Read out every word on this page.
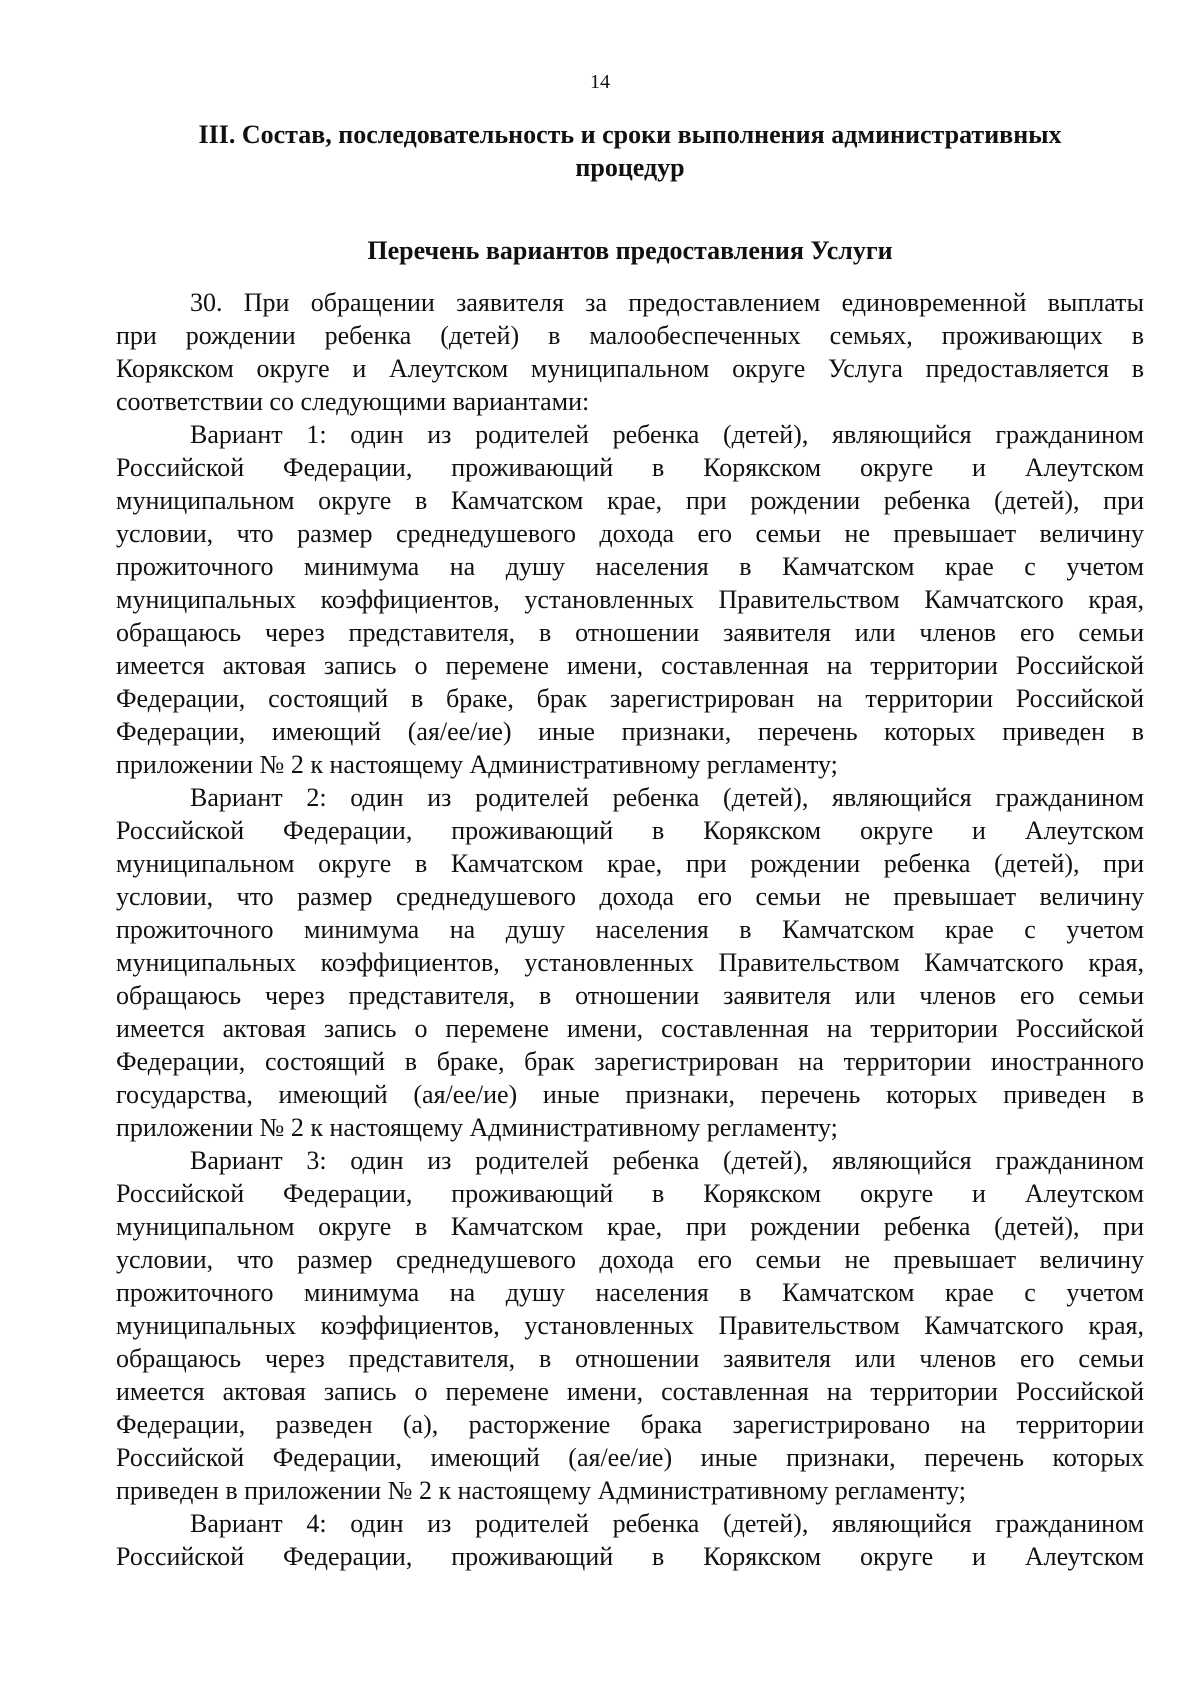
14
III. Состав, последовательность и сроки выполнения административных процедур
Перечень вариантов предоставления Услуги
30. При обращении заявителя за предоставлением единовременной выплаты
при рождении ребенка (детей) в малообеспеченных семьях, проживающих в
Корякском округе и Алеутском муниципальном округе Услуга предоставляется в
соответствии со следующими вариантами:
Вариант 1: один из родителей ребенка (детей), являющийся гражданином
Российской Федерации, проживающий в Корякском округе и Алеутском
муниципальном округе в Камчатском крае, при рождении ребенка (детей), при
условии, что размер среднедушевого дохода его семьи не превышает величину
прожиточного минимума на душу населения в Камчатском крае с учетом
муниципальных коэффициентов, установленных Правительством Камчатского края,
обращаюсь через представителя, в отношении заявителя или членов его семьи
имеется актовая запись о перемене имени, составленная на территории Российской
Федерации, состоящий в браке, брак зарегистрирован на территории Российской
Федерации, имеющий (ая/ее/ие) иные признаки, перечень которых приведен в
приложении № 2 к настоящему Административному регламенту;
Вариант 2: один из родителей ребенка (детей), являющийся гражданином
Российской Федерации, проживающий в Корякском округе и Алеутском
муниципальном округе в Камчатском крае, при рождении ребенка (детей), при
условии, что размер среднедушевого дохода его семьи не превышает величину
прожиточного минимума на душу населения в Камчатском крае с учетом
муниципальных коэффициентов, установленных Правительством Камчатского края,
обращаюсь через представителя, в отношении заявителя или членов его семьи
имеется актовая запись о перемене имени, составленная на территории Российской
Федерации, состоящий в браке, брак зарегистрирован на территории иностранного
государства, имеющий (ая/ее/ие) иные признаки, перечень которых приведен в
приложении № 2 к настоящему Административному регламенту;
Вариант 3: один из родителей ребенка (детей), являющийся гражданином
Российской Федерации, проживающий в Корякском округе и Алеутском
муниципальном округе в Камчатском крае, при рождении ребенка (детей), при
условии, что размер среднедушевого дохода его семьи не превышает величину
прожиточного минимума на душу населения в Камчатском крае с учетом
муниципальных коэффициентов, установленных Правительством Камчатского края,
обращаюсь через представителя, в отношении заявителя или членов его семьи
имеется актовая запись о перемене имени, составленная на территории Российской
Федерации, разведен (а), расторжение брака зарегистрировано на территории
Российской Федерации, имеющий (ая/ее/ие) иные признаки, перечень которых
приведен в приложении № 2 к настоящему Административному регламенту;
Вариант 4: один из родителей ребенка (детей), являющийся гражданином
Российской Федерации, проживающий в Корякском округе и Алеутском
